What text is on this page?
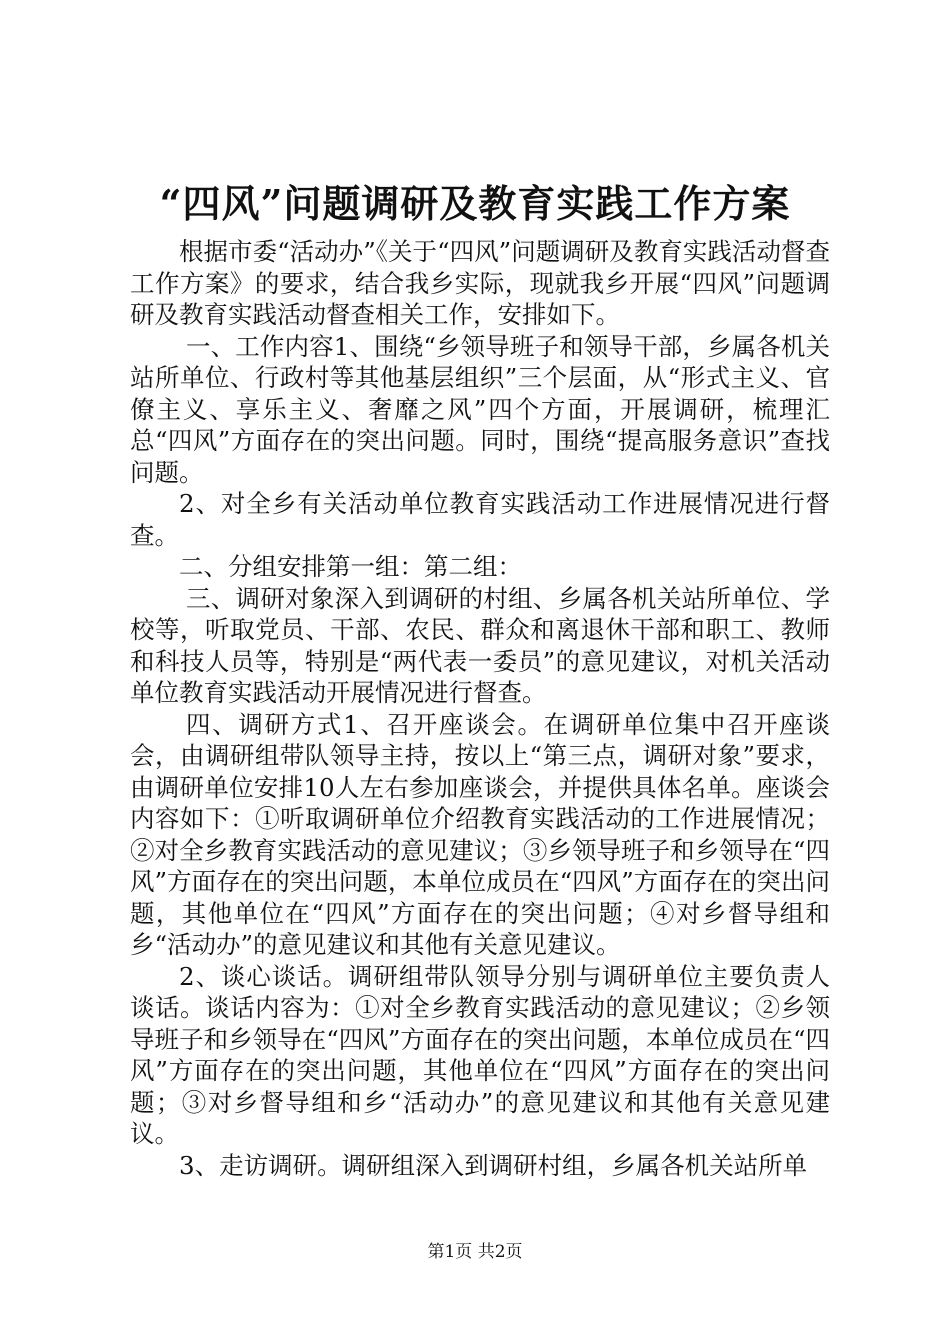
“四风”问题调研及教育实践工作方案

根据市委“活动办”《关于“四风”问题调研及教育实践活动督查工作方案》的要求，结合我乡实际，现就我乡开展“四风”问题调研及教育实践活动督查相关工作，安排如下。

一、工作内容1、围绕“乡领导班子和领导干部，乡属各机关站所单位、行政村等其他基层组织”三个层面，从“形式主义、官僚主义、享乐主义、奢靡之风”四个方面，开展调研，梳理汇总“四风”方面存在的突出问题。同时，围绕“提高服务意识”查找问题。

2、对全乡有关活动单位教育实践活动工作进展情况进行督查。

二、分组安排第一组：第二组：

三、调研对象深入到调研的村组、乡属各机关站所单位、学校等，听取党员、干部、农民、群众和离退休干部和职工、教师和科技人员等，特别是“两代表一委员”的意见建议，对机关活动单位教育实践活动开展情况进行督查。

四、调研方式1、召开座谈会。在调研单位集中召开座谈会，由调研组带队领导主持，按以上“第三点，调研对象”要求，由调研单位安排10人左右参加座谈会，并提供具体名单。座谈会内容如下：①听取调研单位介绍教育实践活动的工作进展情况；②对全乡教育实践活动的意见建议；③乡领导班子和乡领导在“四风”方面存在的突出问题，本单位成员在“四风”方面存在的突出问题，其他单位在“四风”方面存在的突出问题；④对乡督导组和乡“活动办”的意见建议和其他有关意见建议。

2、谈心谈话。调研组带队领导分别与调研单位主要负责人谈话。谈话内容为：①对全乡教育实践活动的意见建议；②乡领导班子和乡领导在“四风”方面存在的突出问题，本单位成员在“四风”方面存在的突出问题，其他单位在“四风”方面存在的突出问题；③对乡督导组和乡“活动办”的意见建议和其他有关意见建议。

3、走访调研。调研组深入到调研村组，乡属各机关站所单

第1页 共2页
